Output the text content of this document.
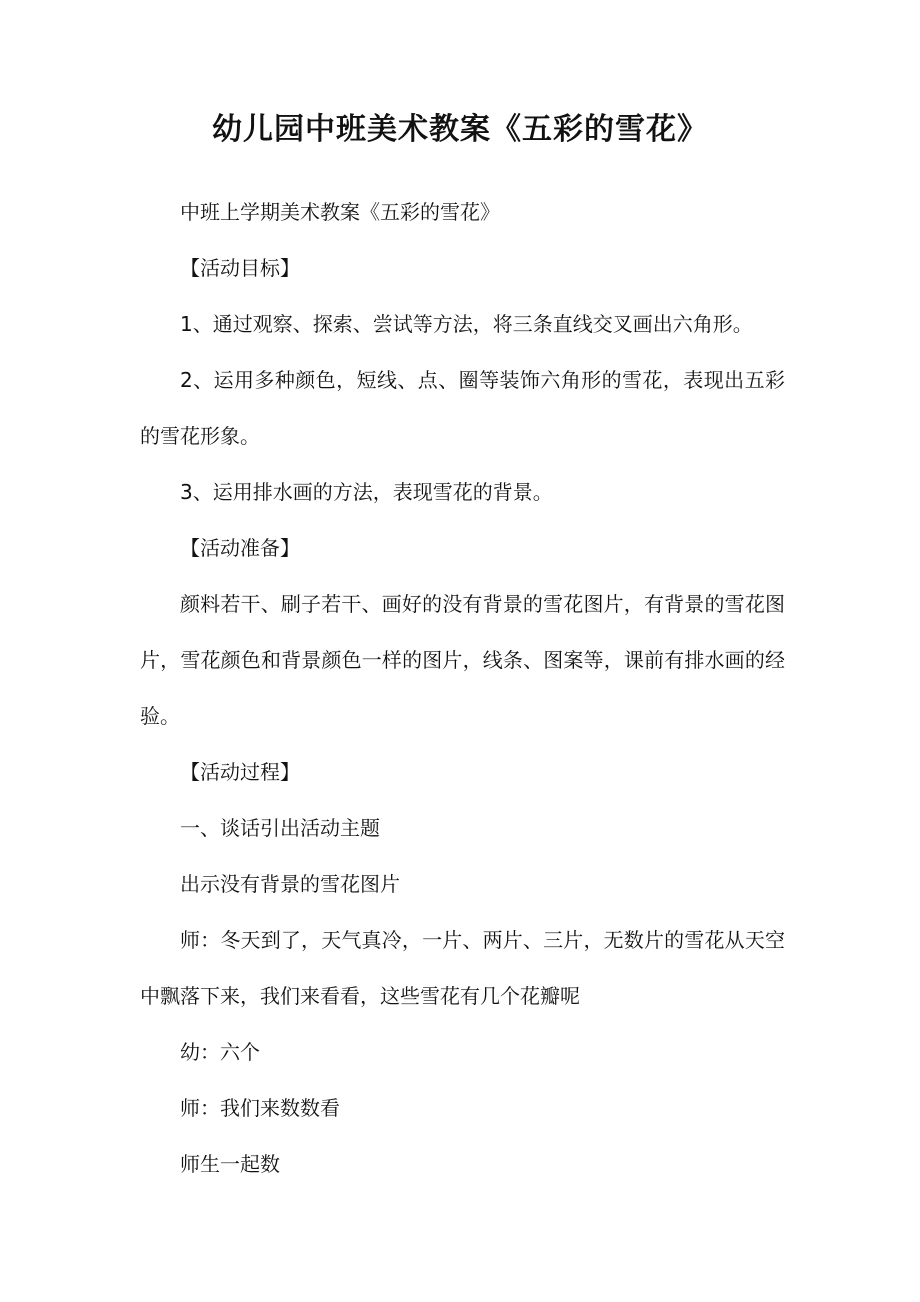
幼儿园中班美术教案《五彩的雪花》

中班上学期美术教案《五彩的雪花》

【活动目标】

1、通过观察、探索、尝试等方法，将三条直线交叉画出六角形。

2、运用多种颜色，短线、点、圈等装饰六角形的雪花，表现出五彩的雪花形象。

3、运用排水画的方法，表现雪花的背景。

【活动准备】

颜料若干、刷子若干、画好的没有背景的雪花图片，有背景的雪花图片，雪花颜色和背景颜色一样的图片，线条、图案等，课前有排水画的经验。

【活动过程】

一、谈话引出活动主题

出示没有背景的雪花图片

师：冬天到了，天气真冷，一片、两片、三片，无数片的雪花从天空中飘落下来，我们来看看，这些雪花有几个花瓣呢

幼：六个

师：我们来数数看

师生一起数
